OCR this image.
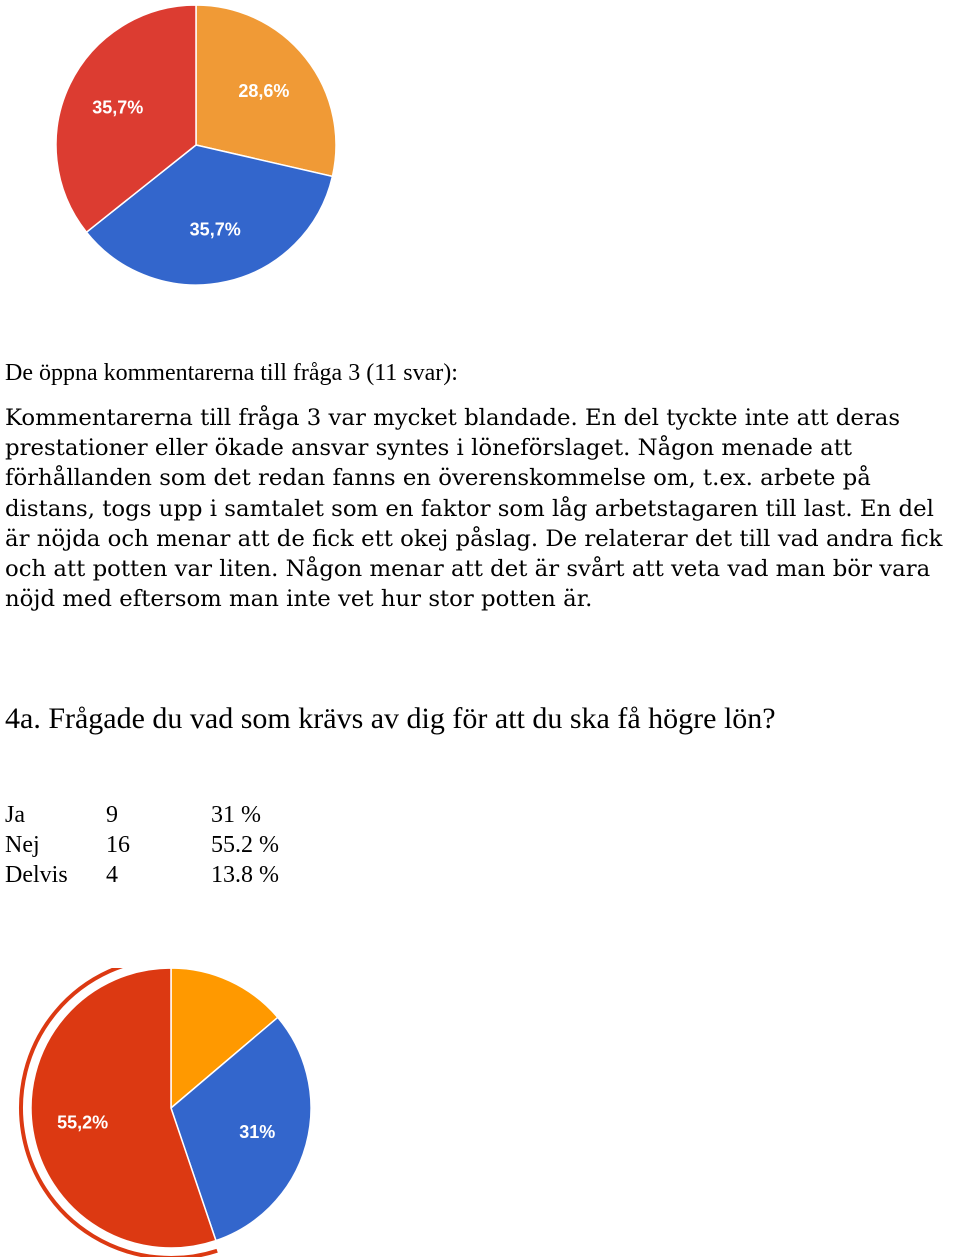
28,6%
35,7%
35,7%
De öppna kommentarerna till fråga 3 (11 svar):

Kommentarerna till fråga 3 var mycket blandade. En del tyckte inte att deras prestationer eller ökade ansvar syntes i löneförslaget. Någon menade att förhållanden som det redan fanns en överenskommelse om, t.ex. arbete på distans, togs upp i samtalet som en faktor som låg arbetstagaren till last. En del är nöjda och menar att de fick ett okej påslag. De relaterar det till vad andra fick och att potten var liten. Någon menar att det är svårt att veta vad man bör vara nöjd med eftersom man inte vet hur stor potten är.

4a. Frågade du vad som krävs av dig för att du ska få högre lön?
Ja	9	31 %
Nej	16	55.2 %
Delvis	4	13.8 %
31%
55,2%
